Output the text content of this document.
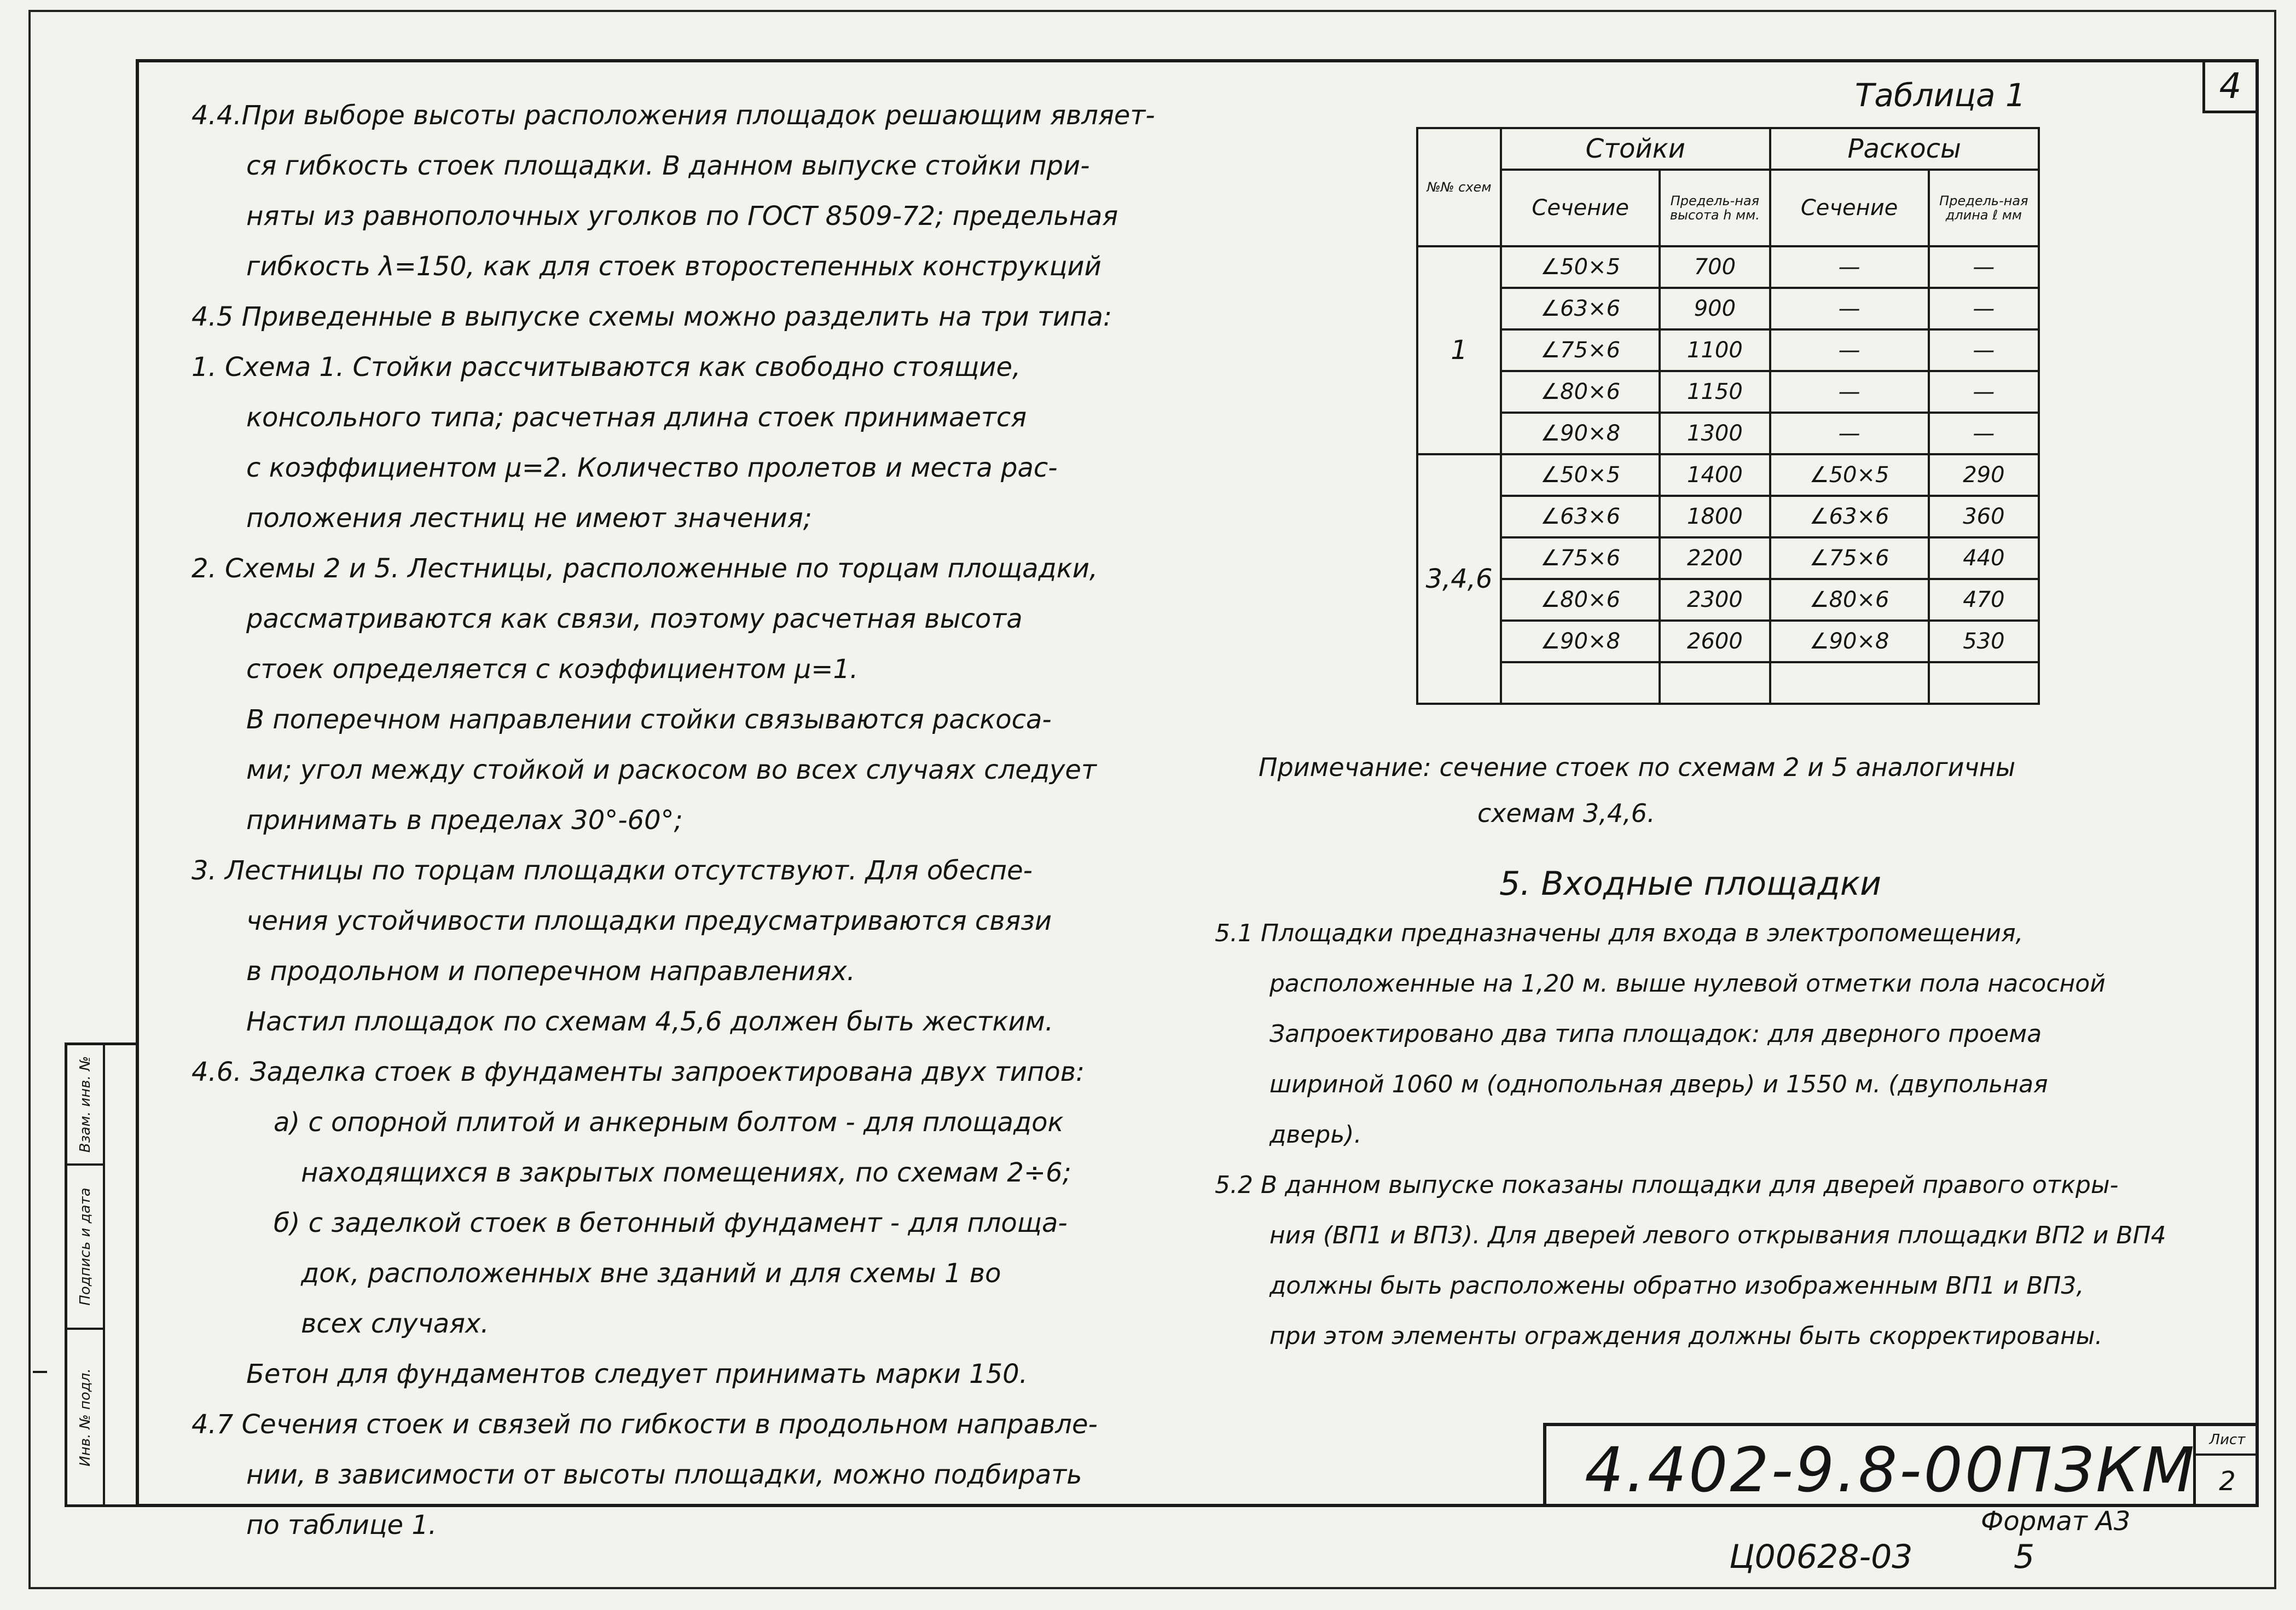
4
Взам. инв. №
Подпись и дата
Инв. № подл.

4.4.При выборе высоты расположения площадок решающим являет-

ся гибкость стоек площадки. В данном выпуске стойки при-

няты из равнополочных уголков по ГОСТ 8509-72; предельная

гибкость λ=150, как для стоек второстепенных конструкций

4.5 Приведенные в выпуске схемы можно разделить на три типа:

1. Схема 1. Стойки рассчитываются как свободно стоящие,

консольного типа; расчетная длина стоек принимается

с коэффициентом μ=2. Количество пролетов и места рас-

положения лестниц не имеют значения;

2. Схемы 2 и 5. Лестницы, расположенные по торцам площадки,

рассматриваются как связи, поэтому расчетная высота

стоек определяется с коэффициентом μ=1.

В поперечном направлении стойки связываются раскоса-

ми; угол между стойкой и раскосом во всех случаях следует

принимать в пределах 30°-60°;

3. Лестницы по торцам площадки отсутствуют. Для обеспе-

чения устойчивости площадки предусматриваются связи

в продольном и поперечном направлениях.

Настил площадок по схемам 4,5,6 должен быть жестким.

4.6. Заделка стоек в фундаменты запроектирована двух типов:

а) с опорной плитой и анкерным болтом - для площадок

находящихся в закрытых помещениях, по схемам 2÷6;

б) с заделкой стоек в бетонный фундамент - для площа-

док, расположенных вне зданий и для схемы 1 во

всех случаях.

Бетон для фундаментов следует принимать марки 150.

4.7 Сечения стоек и связей по гибкости в продольном направле-

нии, в зависимости от высоты площадки, можно подбирать

по таблице 1.

Таблица 1
№№ схем	Стойки		Раскосы	
	Сечение	Предель-ная высота h мм.	Сечение	Предель-ная длина ℓ мм
1	∠50×5	700	—	—
	∠63×6	900	—	—
	∠75×6	1100	—	—
	∠80×6	1150	—	—
	∠90×8	1300	—	—
3,4,6	∠50×5	1400	∠50×5	290
	∠63×6	1800	∠63×6	360
	∠75×6	2200	∠75×6	440
	∠80×6	2300	∠80×6	470
	∠90×8	2600	∠90×8	530

Примечание: сечение стоек по схемам 2 и 5 аналогичны
схемам 3,4,6.
5. Входные площадки

5.1 Площадки предназначены для входа в электропомещения,

расположенные на 1,20 м. выше нулевой отметки пола насосной

Запроектировано два типа площадок: для дверного проема

шириной 1060 м (однопольная дверь) и 1550 м. (двупольная

дверь).

5.2 В данном выпуске показаны площадки для дверей правого откры-

ния (ВП1 и ВП3). Для дверей левого открывания площадки ВП2 и ВП4

должны быть расположены обратно изображенным ВП1 и ВП3,

при этом элементы ограждения должны быть скорректированы.

4.402-9.8-00ПЗКМ Лист
2
Формат А3
Ц00628-03	5
